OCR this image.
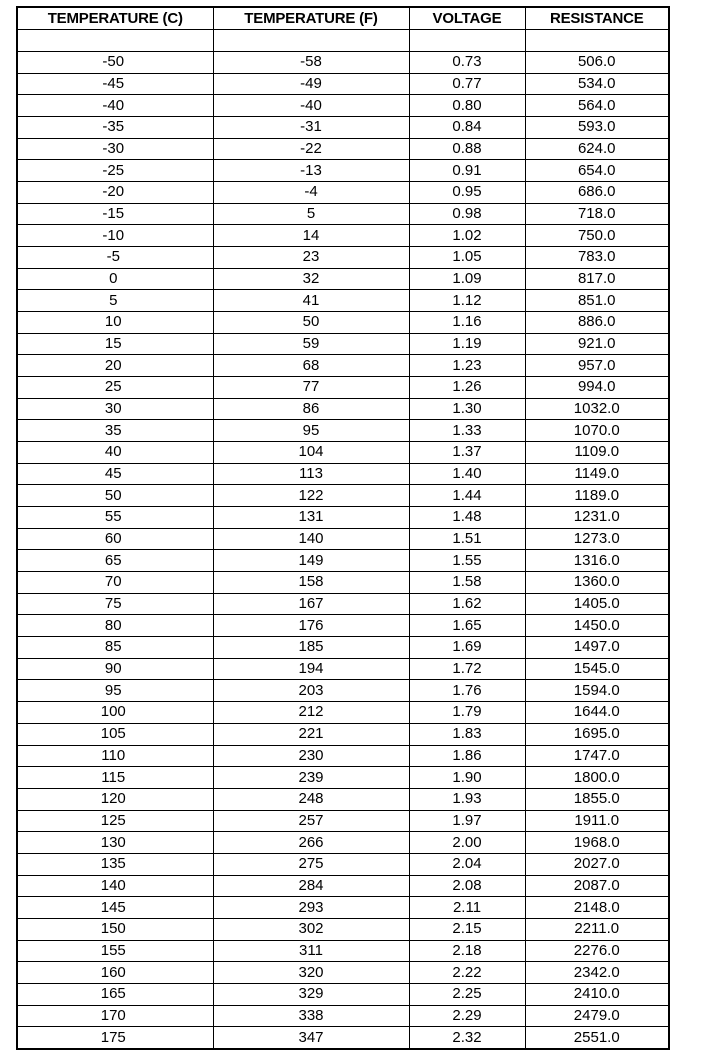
TEMPERATURE (C)	TEMPERATURE (F)	VOLTAGE	RESISTANCE

-50	-58	0.73	506.0
-45	-49	0.77	534.0
-40	-40	0.80	564.0
-35	-31	0.84	593.0
-30	-22	0.88	624.0
-25	-13	0.91	654.0
-20	-4	0.95	686.0
-15	5	0.98	718.0
-10	14	1.02	750.0
-5	23	1.05	783.0
0	32	1.09	817.0
5	41	1.12	851.0
10	50	1.16	886.0
15	59	1.19	921.0
20	68	1.23	957.0
25	77	1.26	994.0
30	86	1.30	1032.0
35	95	1.33	1070.0
40	104	1.37	1109.0
45	113	1.40	1149.0
50	122	1.44	1189.0
55	131	1.48	1231.0
60	140	1.51	1273.0
65	149	1.55	1316.0
70	158	1.58	1360.0
75	167	1.62	1405.0
80	176	1.65	1450.0
85	185	1.69	1497.0
90	194	1.72	1545.0
95	203	1.76	1594.0
100	212	1.79	1644.0
105	221	1.83	1695.0
110	230	1.86	1747.0
115	239	1.90	1800.0
120	248	1.93	1855.0
125	257	1.97	1911.0
130	266	2.00	1968.0
135	275	2.04	2027.0
140	284	2.08	2087.0
145	293	2.11	2148.0
150	302	2.15	2211.0
155	311	2.18	2276.0
160	320	2.22	2342.0
165	329	2.25	2410.0
170	338	2.29	2479.0
175	347	2.32	2551.0
